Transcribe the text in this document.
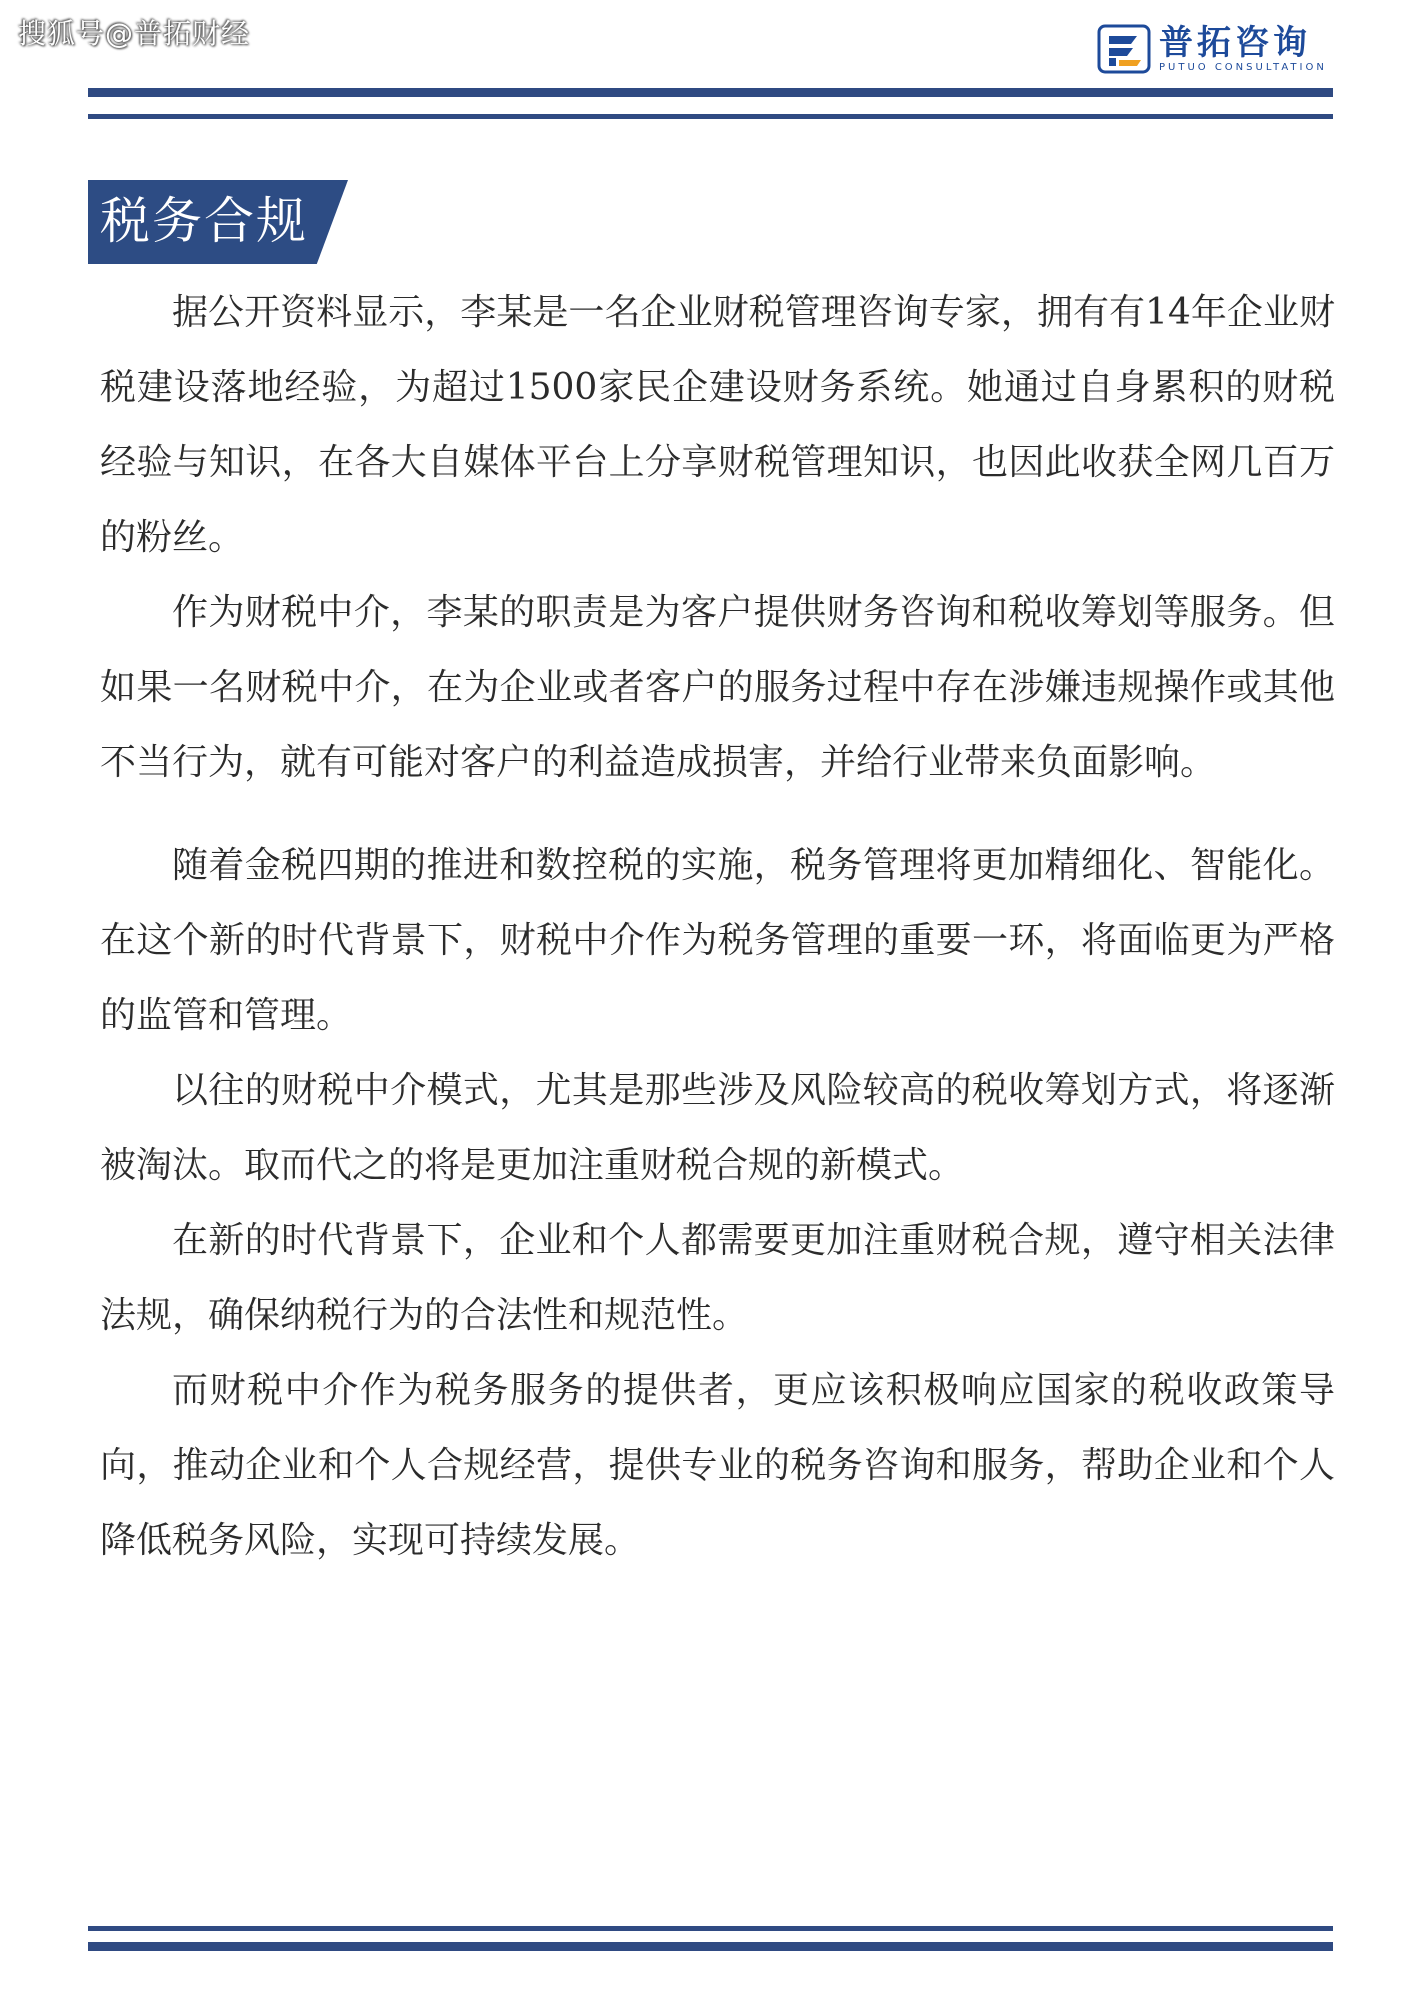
搜狐号@普拓财经	普拓咨询
PUTUO CONSULTATION
税务合规

据公开资料显示，李某是一名企业财税管理咨询专家，拥有有14年企业财税建设落地经验，为超过1500家民企建设财务系统。她通过自身累积的财税经验与知识，在各大自媒体平台上分享财税管理知识，也因此收获全网几百万的粉丝。

作为财税中介，李某的职责是为客户提供财务咨询和税收筹划等服务。但如果一名财税中介，在为企业或者客户的服务过程中存在涉嫌违规操作或其他不当行为，就有可能对客户的利益造成损害，并给行业带来负面影响。

随着金税四期的推进和数控税的实施，税务管理将更加精细化、智能化。在这个新的时代背景下，财税中介作为税务管理的重要一环，将面临更为严格的监管和管理。

以往的财税中介模式，尤其是那些涉及风险较高的税收筹划方式，将逐渐被淘汰。取而代之的将是更加注重财税合规的新模式。

在新的时代背景下，企业和个人都需要更加注重财税合规，遵守相关法律法规，确保纳税行为的合法性和规范性。

而财税中介作为税务服务的提供者，更应该积极响应国家的税收政策导向，推动企业和个人合规经营，提供专业的税务咨询和服务，帮助企业和个人降低税务风险，实现可持续发展。
